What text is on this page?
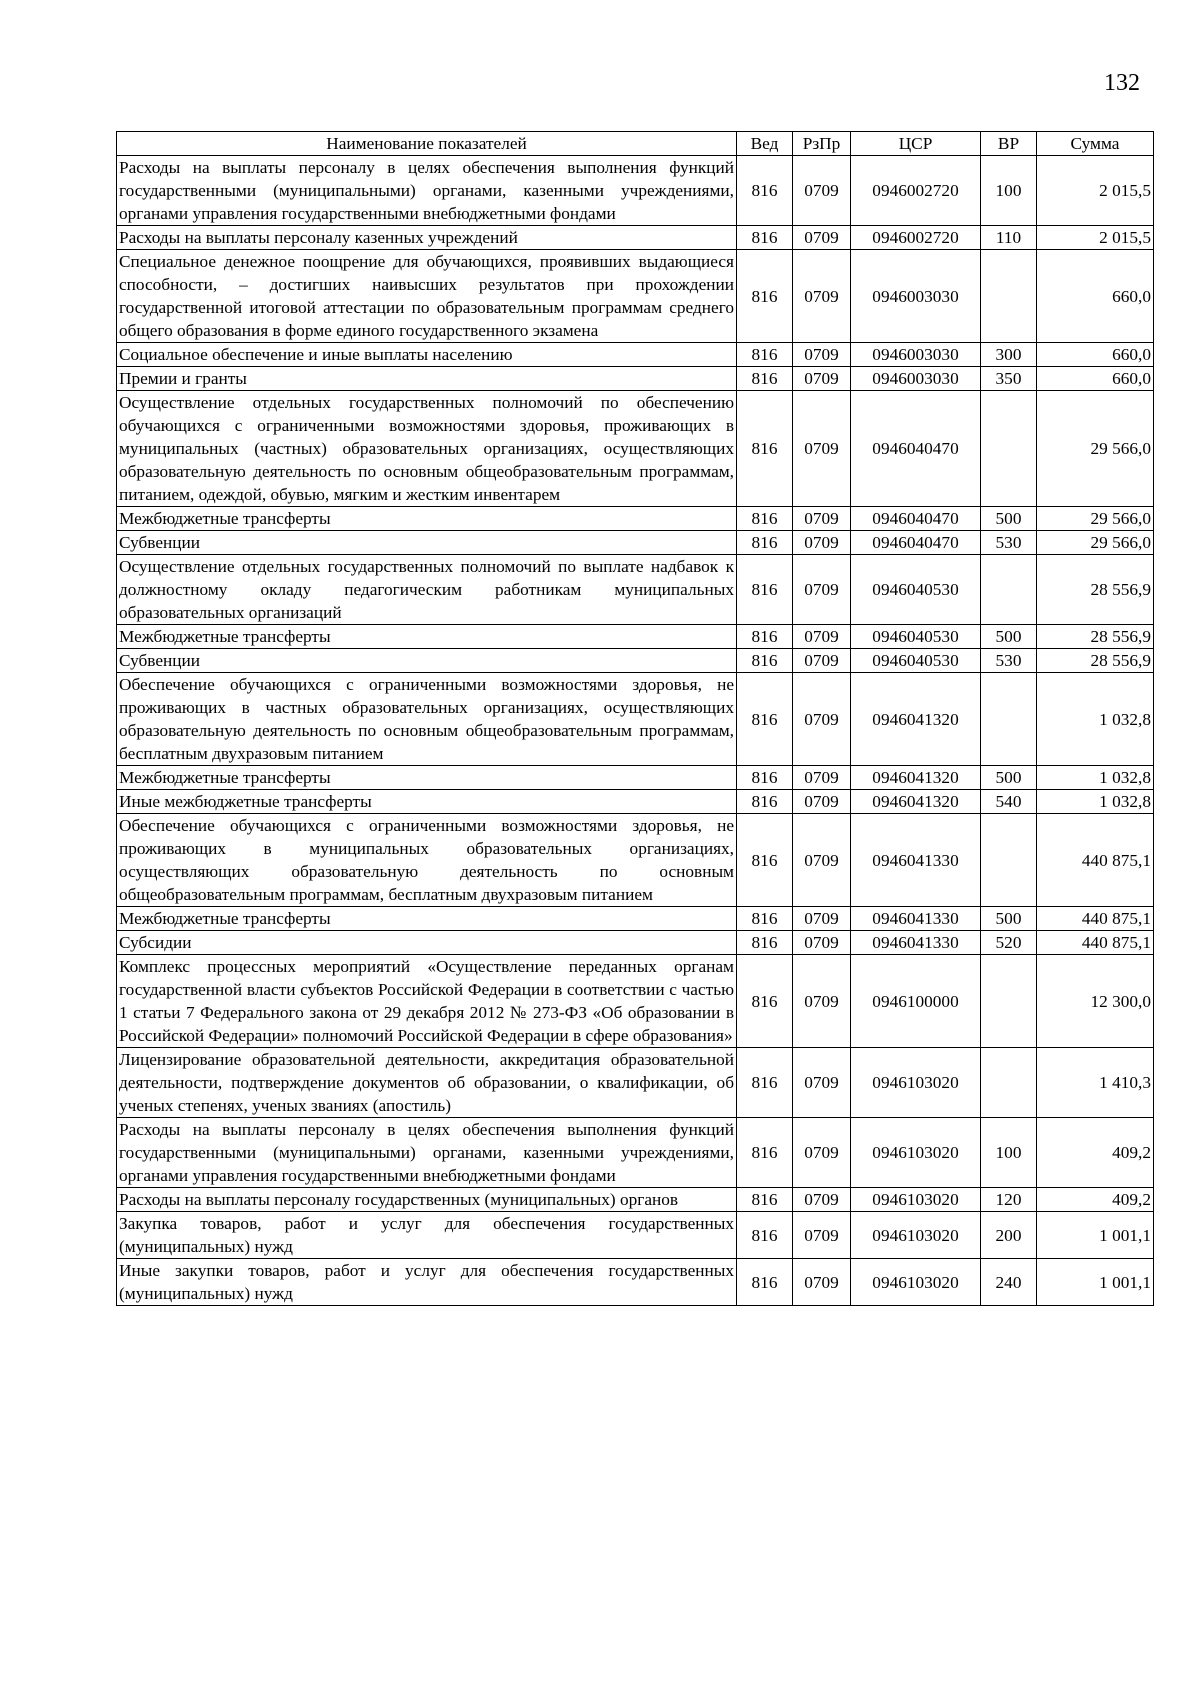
132
Наименование показателей	Вед	РзПр	ЦСР	ВР	Сумма
Расходы на выплаты персоналу в целях обеспечения выполнения функций государственными (муниципальными) органами, казенными учреждениями, органами управления государственными внебюджетными фондами	816	0709	0946002720	100	2 015,5
Расходы на выплаты персоналу казенных учреждений	816	0709	0946002720	110	2 015,5
Специальное денежное поощрение для обучающихся, проявивших выдающиеся способности, – достигших наивысших результатов при прохождении государственной итоговой аттестации по образовательным программам среднего общего образования в форме единого государственного экзамена	816	0709	0946003030		660,0
Социальное обеспечение и иные выплаты населению	816	0709	0946003030	300	660,0
Премии и гранты	816	0709	0946003030	350	660,0
Осуществление отдельных государственных полномочий по обеспечению обучающихся с ограниченными возможностями здоровья, проживающих в муниципальных (частных) образовательных организациях, осуществляющих образовательную деятельность по основным общеобразовательным программам, питанием, одеждой, обувью, мягким и жестким инвентарем	816	0709	0946040470		29 566,0
Межбюджетные трансферты	816	0709	0946040470	500	29 566,0
Субвенции	816	0709	0946040470	530	29 566,0
Осуществление отдельных государственных полномочий по выплате надбавок к должностному окладу педагогическим работникам муниципальных образовательных организаций	816	0709	0946040530		28 556,9
Межбюджетные трансферты	816	0709	0946040530	500	28 556,9
Субвенции	816	0709	0946040530	530	28 556,9
Обеспечение обучающихся с ограниченными возможностями здоровья, не проживающих в частных образовательных организациях, осуществляющих образовательную деятельность по основным общеобразовательным программам, бесплатным двухразовым питанием	816	0709	0946041320		1 032,8
Межбюджетные трансферты	816	0709	0946041320	500	1 032,8
Иные межбюджетные трансферты	816	0709	0946041320	540	1 032,8
Обеспечение обучающихся с ограниченными возможностями здоровья, не проживающих в муниципальных образовательных организациях, осуществляющих образовательную деятельность по основным общеобразовательным программам, бесплатным двухразовым питанием	816	0709	0946041330		440 875,1
Межбюджетные трансферты	816	0709	0946041330	500	440 875,1
Субсидии	816	0709	0946041330	520	440 875,1
Комплекс процессных мероприятий «Осуществление переданных органам государственной власти субъектов Российской Федерации в соответствии с частью 1 статьи 7 Федерального закона от 29 декабря 2012 № 273-ФЗ «Об образовании в Российской Федерации» полномочий Российской Федерации в сфере образования»	816	0709	0946100000		12 300,0
Лицензирование образовательной деятельности, аккредитация образовательной деятельности, подтверждение документов об образовании, о квалификации, об ученых степенях, ученых званиях (апостиль)	816	0709	0946103020		1 410,3
Расходы на выплаты персоналу в целях обеспечения выполнения функций государственными (муниципальными) органами, казенными учреждениями, органами управления государственными внебюджетными фондами	816	0709	0946103020	100	409,2
Расходы на выплаты персоналу государственных (муниципальных) органов	816	0709	0946103020	120	409,2
Закупка товаров, работ и услуг для обеспечения государственных (муниципальных) нужд	816	0709	0946103020	200	1 001,1
Иные закупки товаров, работ и услуг для обеспечения государственных (муниципальных) нужд	816	0709	0946103020	240	1 001,1
